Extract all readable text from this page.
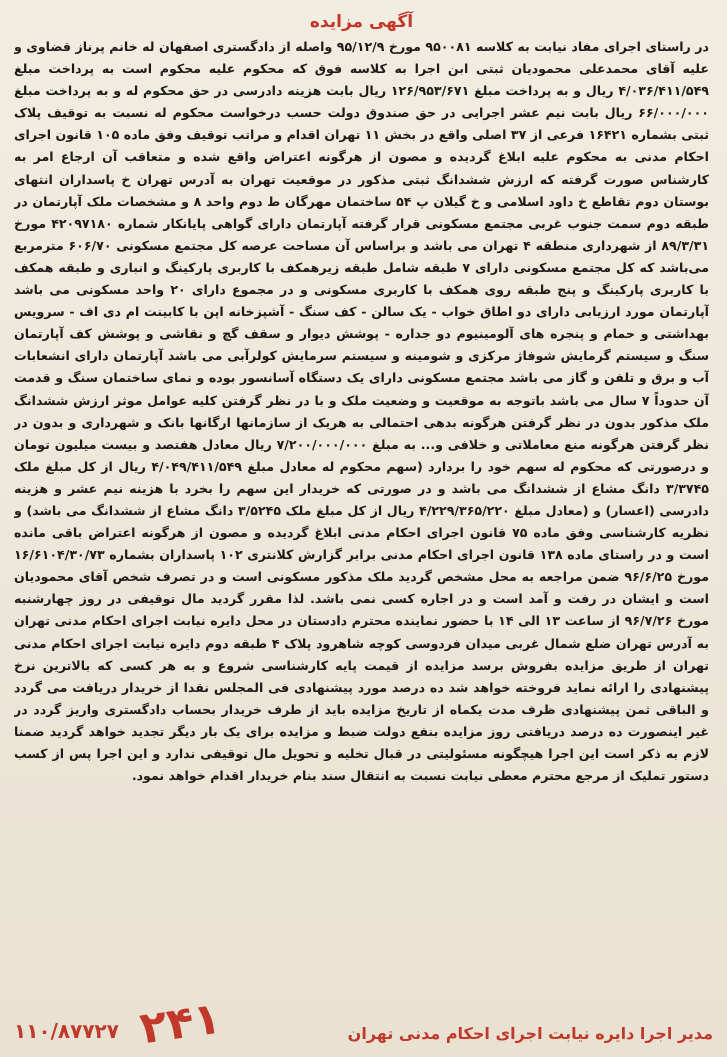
آگهی مزایده

در راستای اجرای مفاد نیابت به کلاسه ۹۵۰۰۸۱ مورخ ۹۵/۱۲/۹ واصله از دادگستری اصفهان له خانم پرناز قضاوی و علیه آقای محمدعلی محمودیان ثبتی ابن اجرا به کلاسه فوق که محکوم علیه محکوم است به پرداخت مبلغ ۴/۰۳۶/۴۱۱/۵۴۹ ریال و به پرداخت مبلغ ۱۲۶/۹۵۳/۶۷۱ ریال بابت هزینه دادرسی در حق محکوم له و به پرداخت مبلغ ۶۶/۰۰۰/۰۰۰ ریال بابت نیم عشر اجرایی در حق صندوق دولت حسب درخواست محکوم له نسبت به توقیف پلاک ثبتی بشماره ۱۶۴۲۱ فرعی از ۳۷ اصلی واقع در بخش ۱۱ تهران اقدام و مراتب توقیف وفق ماده ۱۰۵ قانون اجرای احکام مدنی به محکوم علیه ابلاغ گردیده و مصون از هرگونه اعتراض واقع شده و متعاقب آن ارجاع امر به کارشناس صورت گرفته که ارزش ششدانگ ثبتی مذکور در موقعیت تهران به آدرس تهران خ پاسداران انتهای بوستان دوم تقاطع خ داود اسلامی و خ گیلان پ ۵۴ ساختمان مهرگان ط دوم واحد ۸ و مشخصات ملک آپارتمان در طبقه دوم سمت جنوب غربی مجتمع مسکونی قرار گرفته آپارتمان دارای گواهی پایانکار شماره ۴۲۰۹۷۱۸۰ مورخ ۸۹/۳/۳۱ از شهرداری منطقه ۴ تهران می باشد و براساس آن مساحت عرصه کل مجتمع مسکونی ۶۰۶/۷۰ مترمربع می‌باشد که کل مجتمع مسکونی دارای ۷ طبقه شامل طبقه زیرهمکف با کاربری پارکینگ و انباری و طبقه همکف با کاربری پارکینگ و پنج طبقه روی همکف با کاربری مسکونی و در مجموع دارای ۲۰ واحد مسکونی می باشد آپارتمان مورد ارزیابی دارای دو اطاق خواب - یک سالن - کف سنگ - آشپزخانه اپن با کابینت ام دی اف - سرویس بهداشتی و حمام و پنجره های آلومینیوم دو جداره - پوشش دیوار و سقف گچ و نقاشی و پوشش کف آپارتمان سنگ و سیستم گرمایش شوفاژ مرکزی و شومینه و سیستم سرمایش کولرآبی می باشد آپارتمان دارای انشعابات آب و برق و تلفن و گاز می باشد مجتمع مسکونی دارای یک دستگاه آسانسور بوده و نمای ساختمان سنگ و قدمت آن حدوداً ۷ سال می باشد باتوجه به موقعیت و وضعیت ملک و با در نظر گرفتن کلیه عوامل موثر ارزش ششدانگ ملک مذکور بدون در نظر گرفتن هرگونه بدهی احتمالی به هریک از سازمانها ارگانها بانک و شهرداری و بدون در نظر گرفتن هرگونه منع معاملاتی و خلافی و... به مبلغ ۷/۲۰۰/۰۰۰/۰۰۰ ریال معادل هفتصد و بیست میلیون تومان و درصورتی که محکوم له سهم خود را بردارد (سهم محکوم له معادل مبلغ ۴/۰۴۹/۴۱۱/۵۴۹ ریال از کل مبلغ ملک ۳/۳۷۴۵ دانگ مشاع از ششدانگ می باشد و در صورتی که خریدار این سهم را بخرد با هزینه نیم عشر و هزینه دادرسی (اعسار) و (معادل مبلغ ۴/۲۲۹/۳۶۵/۲۲۰ ریال از کل مبلغ ملک ۳/۵۲۴۵ دانگ مشاع از ششدانگ می باشد) و نظریه کارشناسی وفق ماده ۷۵ قانون اجرای احکام مدنی ابلاغ گردیده و مصون از هرگونه اعتراض باقی مانده است و در راستای ماده ۱۳۸ قانون اجرای احکام مدنی برابر گزارش کلانتری ۱۰۲ پاسداران بشماره ۱۶/۶۱۰۴/۳۰/۷۳ مورخ ۹۶/۶/۲۵ ضمن مراجعه به محل مشخص گردید ملک مذکور مسکونی است و در تصرف شخص آقای محمودیان است و ایشان در رفت و آمد است و در اجاره کسی نمی باشد. لذا مقرر گردید مال توقیفی در روز چهارشنبه مورخ ۹۶/۷/۲۶ از ساعت ۱۳ الی ۱۴ با حضور نماینده محترم دادستان در محل دایره نیابت اجرای احکام مدنی تهران به آدرس تهران ضلع شمال غربی میدان فردوسی کوچه شاهرود پلاک ۴ طبقه دوم دایره نیابت اجرای احکام مدنی تهران از طریق مزایده بفروش برسد مزایده از قیمت پایه کارشناسی شروع و به هر کسی که بالاترین نرخ پیشنهادی را ارائه نماید فروخته خواهد شد ده درصد مورد پیشنهادی فی المجلس نقدا از خریدار دریافت می گردد و الباقی ثمن پیشنهادی ظرف مدت یکماه از تاریخ مزایده باید از طرف خریدار بحساب دادگستری واریز گردد در غیر اینصورت ده درصد دریافتی روز مزایده بنفع دولت ضبط و مزایده برای یک بار دیگر تجدید خواهد گردید ضمنا لازم به ذکر است این اجرا هیچگونه مسئولیتی در قبال تخلیه و تحویل مال توقیفی ندارد و این اجرا پس از کسب دستور تملیک از مرجع محترم معطی نیابت نسبت به انتقال سند بنام خریدار اقدام خواهد نمود.

۱۱۰/۸۷۷۲۷ ۲۴۱	مدیر اجرا دایره نیابت اجرای احکام مدنی تهران
